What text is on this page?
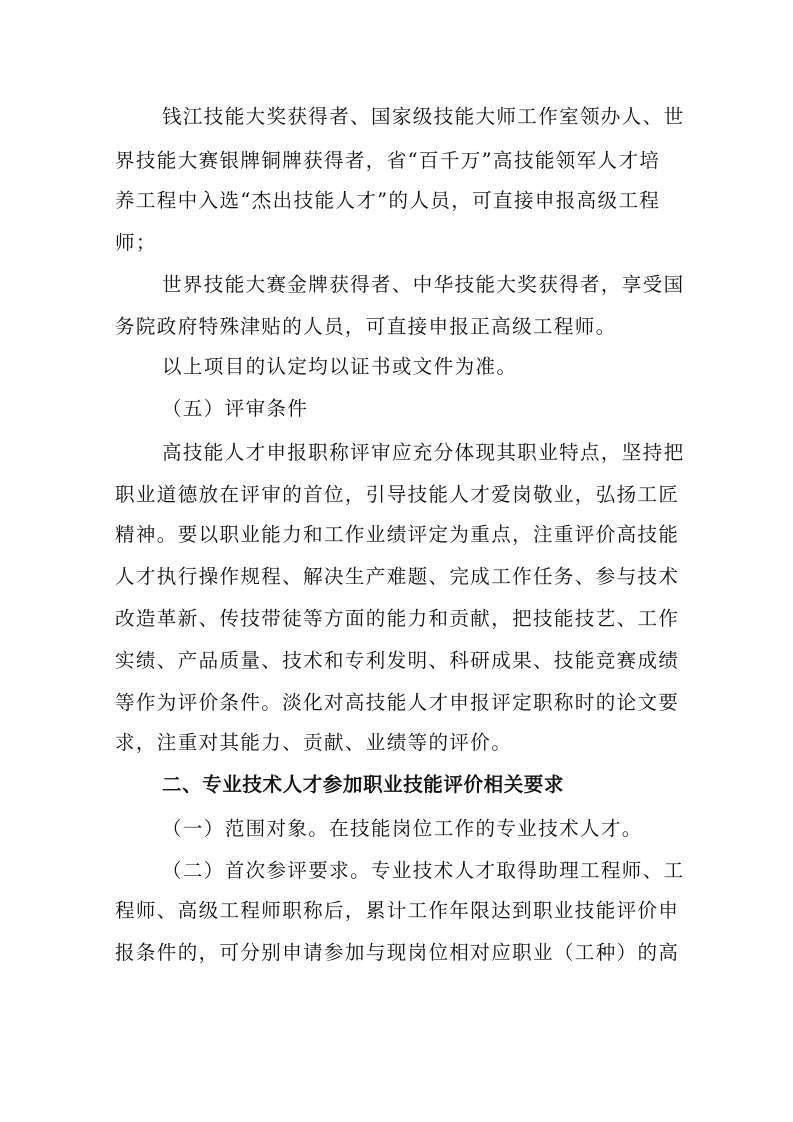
钱江技能大奖获得者、国家级技能大师工作室领办人、世
界技能大赛银牌铜牌获得者，省“百千万”高技能领军人才培
养工程中入选“杰出技能人才”的人员，可直接申报高级工程
师；
世界技能大赛金牌获得者、中华技能大奖获得者，享受国
务院政府特殊津贴的人员，可直接申报正高级工程师。
以上项目的认定均以证书或文件为准。
（五）评审条件
高技能人才申报职称评审应充分体现其职业特点，坚持把
职业道德放在评审的首位，引导技能人才爱岗敬业，弘扬工匠
精神。要以职业能力和工作业绩评定为重点，注重评价高技能
人才执行操作规程、解决生产难题、完成工作任务、参与技术
改造革新、传技带徒等方面的能力和贡献，把技能技艺、工作
实绩、产品质量、技术和专利发明、科研成果、技能竞赛成绩
等作为评价条件。淡化对高技能人才申报评定职称时的论文要
求，注重对其能力、贡献、业绩等的评价。
二、专业技术人才参加职业技能评价相关要求
（一）范围对象。在技能岗位工作的专业技术人才。
（二）首次参评要求。专业技术人才取得助理工程师、工
程师、高级工程师职称后，累计工作年限达到职业技能评价申
报条件的，可分别申请参加与现岗位相对应职业（工种）的高
